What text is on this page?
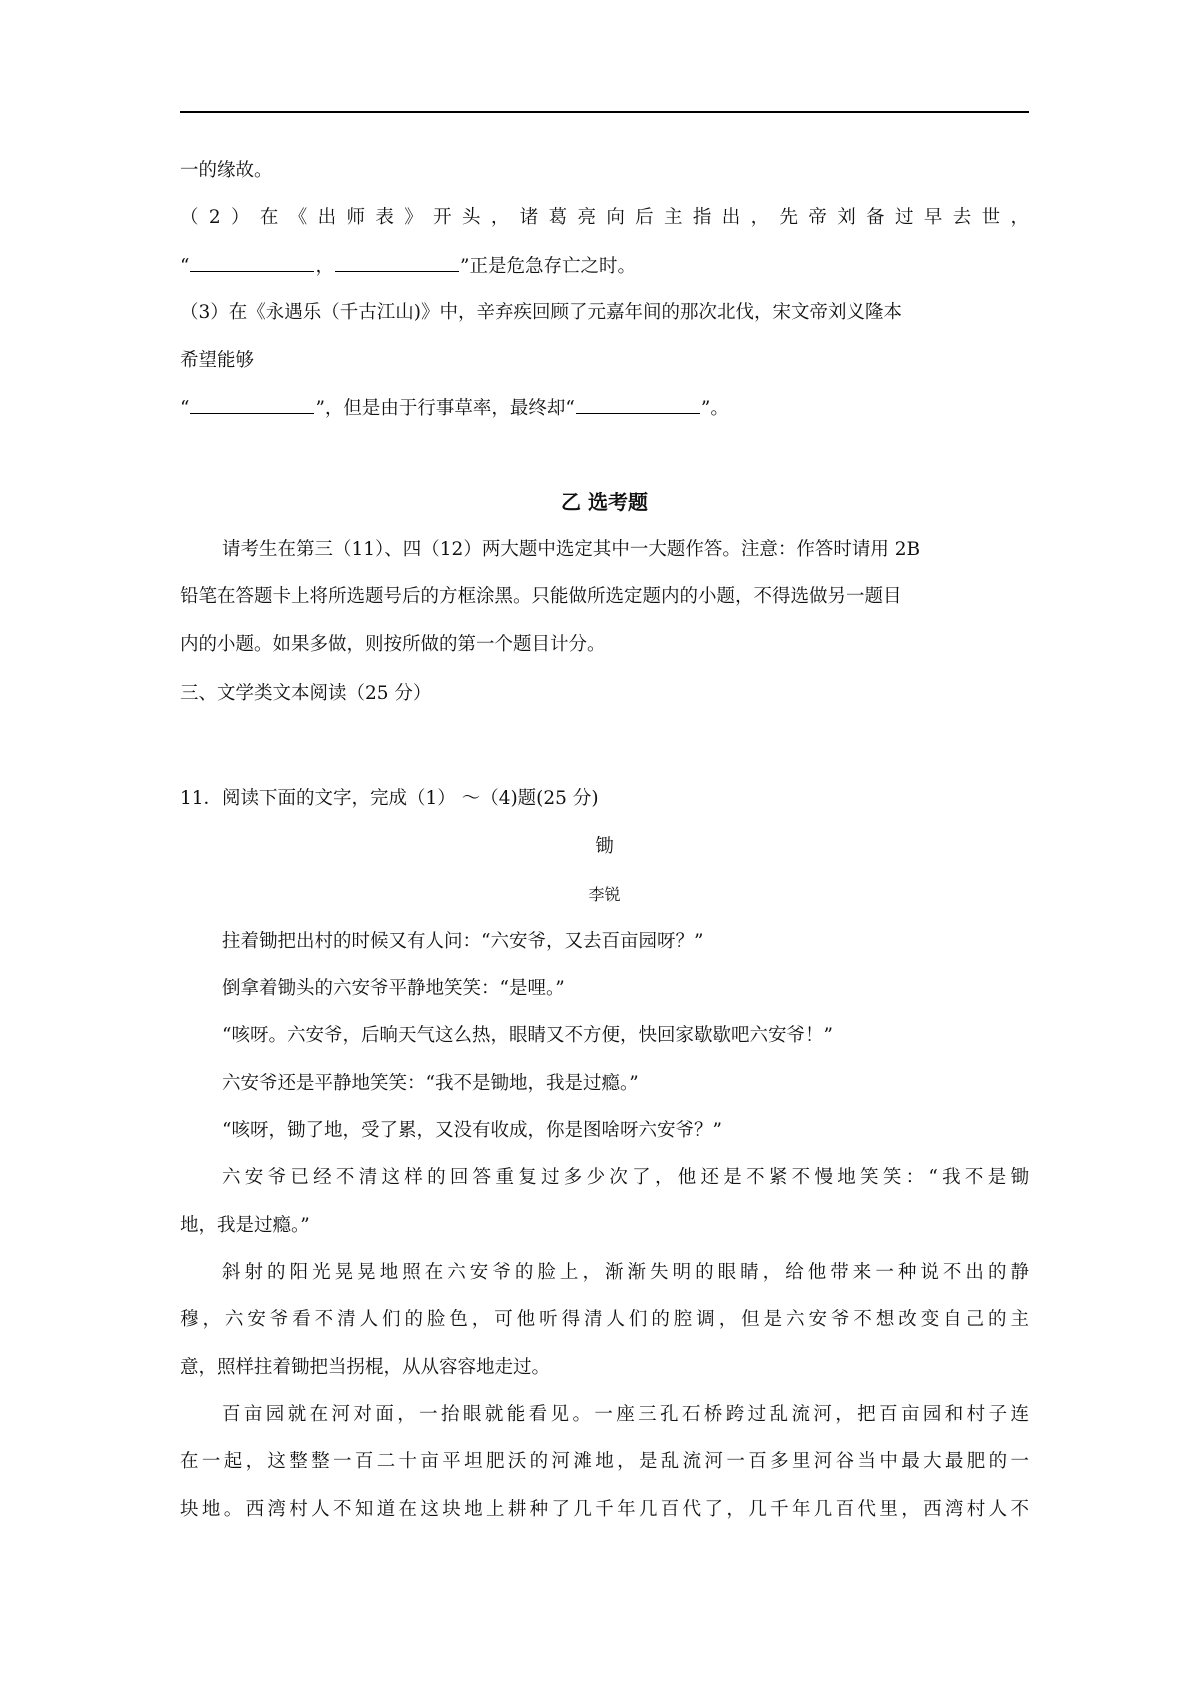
一的缘故。
（2）在《出师表》开头，诸葛亮向后主指出，先帝刘备过早去世，
“	，	”正是危急存亡之时。
（3）在《永遇乐（千古江山)》中，辛弃疾回顾了元嘉年间的那次北伐，宋文帝刘义隆本
希望能够
“	”，但是由于行事草率，最终却“	”。
乙 选考题
请考生在第三（11）、四（12）两大题中选定其中一大题作答。注意：作答时请用 2B
铅笔在答题卡上将所选题号后的方框涂黑。只能做所选定题内的小题，不得选做另一题目
内的小题。如果多做，则按所做的第一个题目计分。
三、文学类文本阅读（25 分）
11．阅读下面的文字，完成（1） ～（4)题(25 分)
锄
李锐
拄着锄把出村的时候又有人问：“六安爷，又去百亩园呀？”
倒拿着锄头的六安爷平静地笑笑：“是哩。”
“咳呀。六安爷，后晌天气这么热，眼睛又不方便，快回家歇歇吧六安爷！”
六安爷还是平静地笑笑：“我不是锄地，我是过瘾。”
“咳呀，锄了地，受了累，又没有收成，你是图啥呀六安爷？”
六安爷已经不清这样的回答重复过多少次了，他还是不紧不慢地笑笑：“我不是锄
地，我是过瘾。”
斜射的阳光晃晃地照在六安爷的脸上，渐渐失明的眼睛，给他带来一种说不出的静
穆，六安爷看不清人们的脸色，可他听得清人们的腔调，但是六安爷不想改变自己的主
意，照样拄着锄把当拐棍，从从容容地走过。
百亩园就在河对面，一抬眼就能看见。一座三孔石桥跨过乱流河，把百亩园和村子连
在一起，这整整一百二十亩平坦肥沃的河滩地，是乱流河一百多里河谷当中最大最肥的一
块地。西湾村人不知道在这块地上耕种了几千年几百代了，几千年几百代里，西湾村人不
